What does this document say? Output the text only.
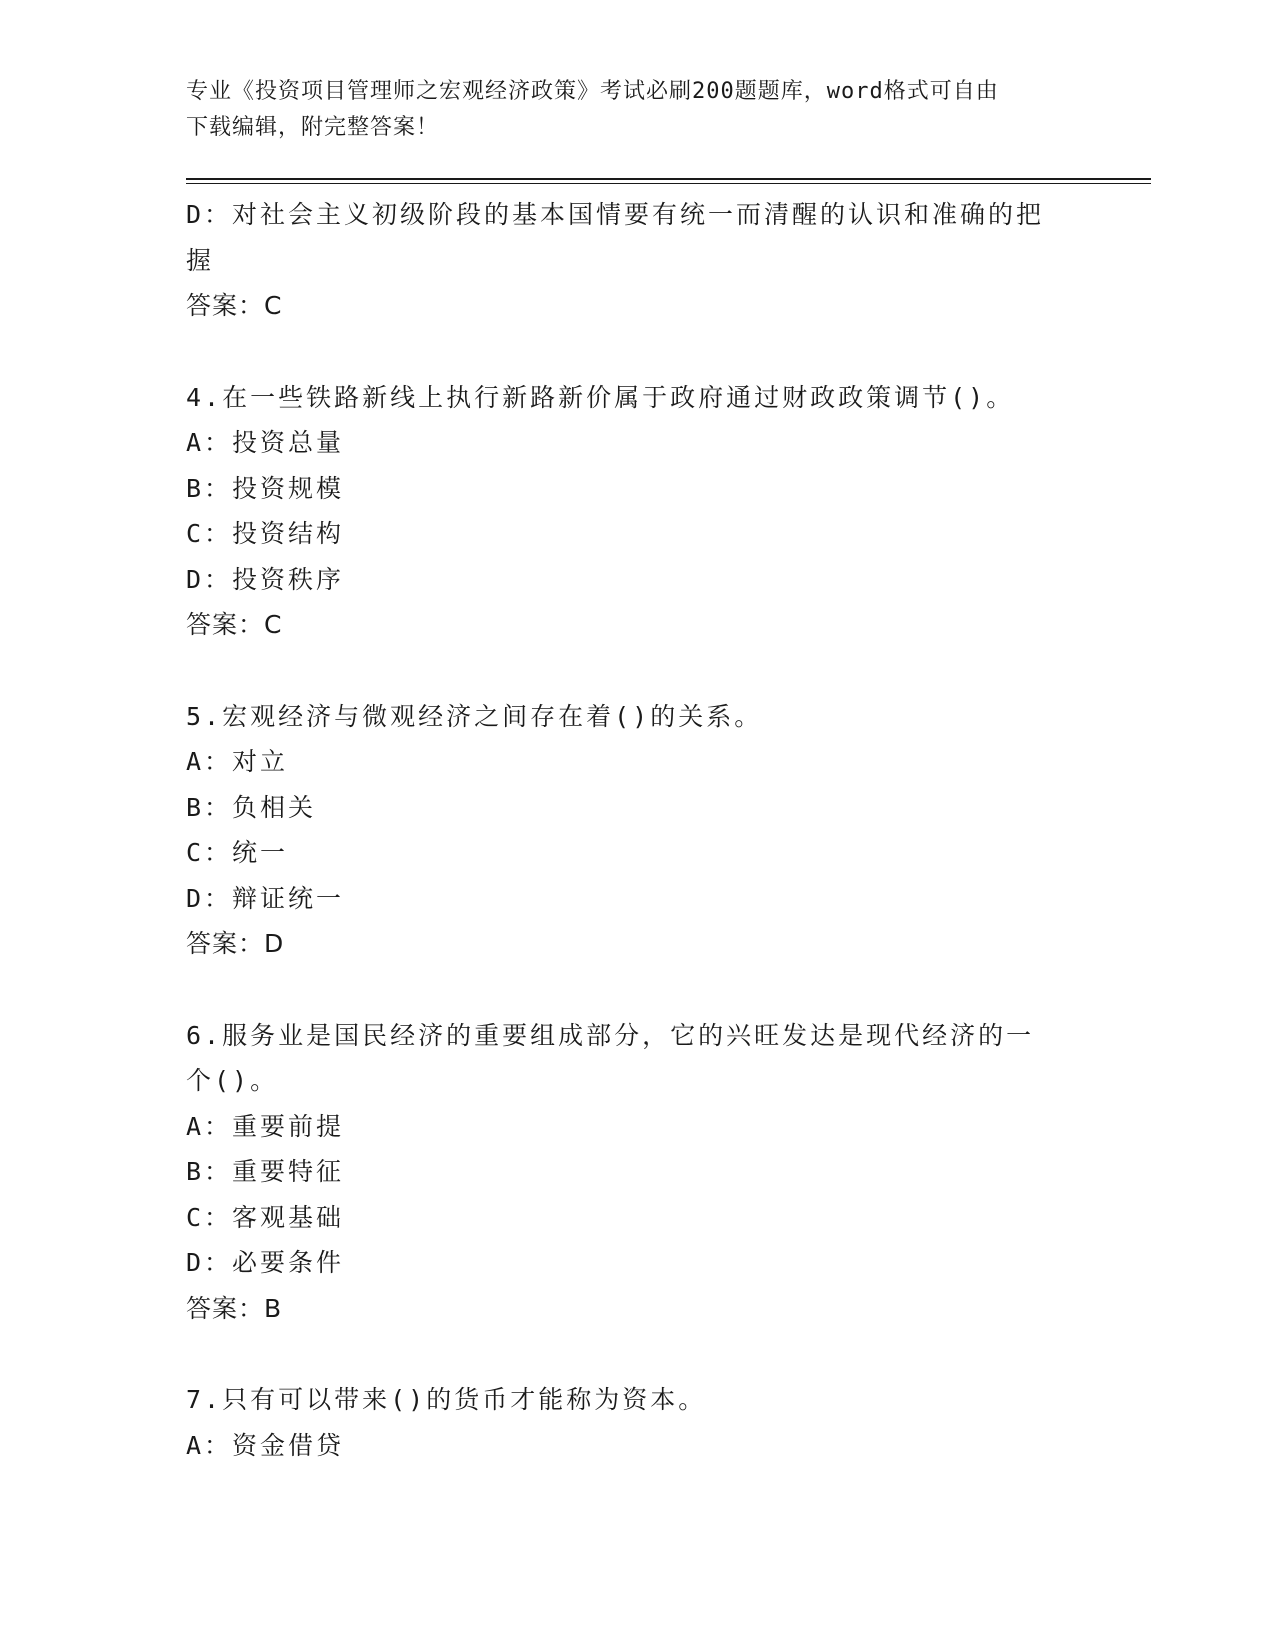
专业《投资项目管理师之宏观经济政策》考试必刷200题题库，word格式可自由
下载编辑，附完整答案！
D：对社会主义初级阶段的基本国情要有统一而清醒的认识和准确的把
握
答案：C
4.在一些铁路新线上执行新路新价属于政府通过财政政策调节()。
A：投资总量
B：投资规模
C：投资结构
D：投资秩序
答案：C
5.宏观经济与微观经济之间存在着()的关系。
A：对立
B：负相关
C：统一
D：辩证统一
答案：D
6.服务业是国民经济的重要组成部分，它的兴旺发达是现代经济的一
个()。
A：重要前提
B：重要特征
C：客观基础
D：必要条件
答案：B
7.只有可以带来()的货币才能称为资本。
A：资金借贷
